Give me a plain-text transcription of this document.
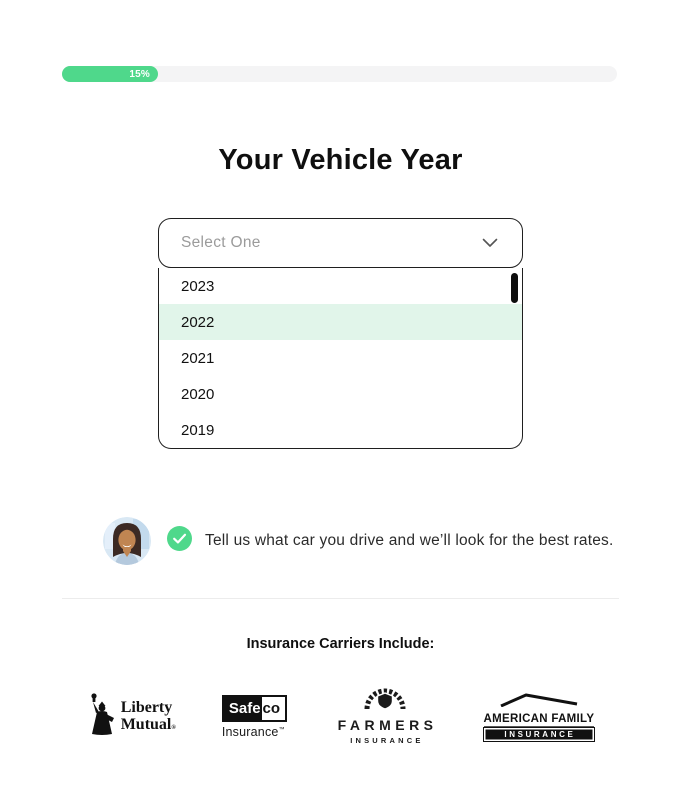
15%
Your Vehicle Year
Select One
2023
2022
2021
2020
2019
Tell us what car you drive and we’ll look for the best rates.
Insurance Carriers Include:
Liberty
Mutual®
Safe co
Insurance™	FARMERS
INSURANCE
AMERICAN FAMILY
INSURANCE
